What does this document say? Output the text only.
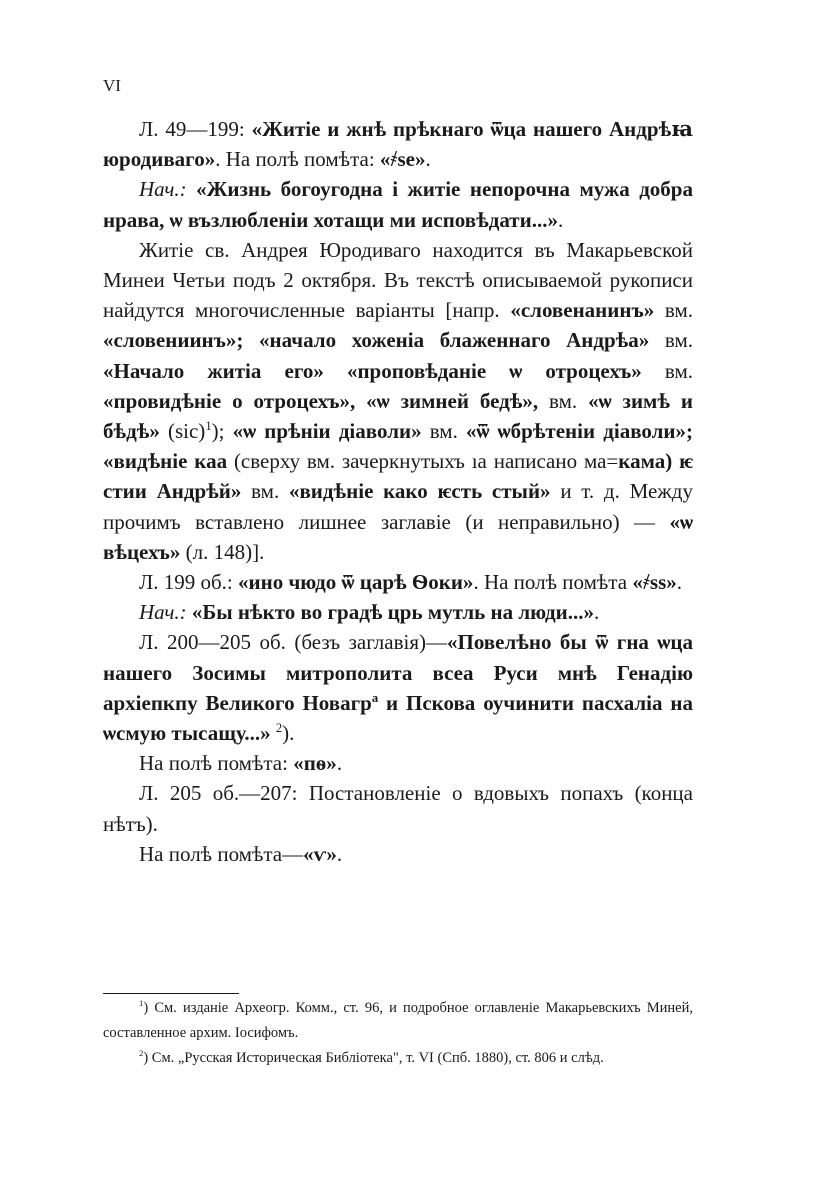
VI

Л. 49—199: «Житіе и жнѣ прѣкнаго ѿца нашего Андрѣꙗ юродиваго». На полѣ помѣта: «҂ѕе».

Нач.: «Жизнь богоугодна і житіе непорочна мужа добра нрава, ѡ възлюбленіи хотащи ми исповѣдати...».

Житіе св. Андрея Юродиваго находится въ Макарьевской Минеи Четьи подъ 2 октября. Въ текстѣ описываемой рукописи найдутся многочисленные варіанты [напр. «словенанинъ» вм. «словениинъ»; «начало хоженіа блаженнаго Андрѣа» вм. «Начало житіа его» «проповѣданіе ѡ отроцехъ» вм. «провидѣніе о отроцехъ», «ѡ зимней бедѣ», вм. «ѡ зимѣ и бѣдѣ» (sic)$^1$); «ѡ прѣніи діаволи» вм. «ѿ ѡбрѣтеніи діаволи»; «видѣніе каа (сверху вм. зачеркнутыхъ ıа написано ма=кама) ѥ стии Андрѣй» вм. «видѣніе како ѥсть стый» и т. д. Между прочимъ вставлено лишнее заглавіе (и неправильно) — «ѡ вѣцехъ» (л. 148)].

Л. 199 об.: «ино чюдо ѿ царѣ Ѳоки». На полѣ помѣта «҂ѕѕ».

Нач.: «Бы нѣкто во градѣ црь мутль на люди...».

Л. 200—205 об. (безъ заглавія)—«Повелѣно бы ѿ гна ѡца нашего Зосимы митрополита всеа Руси мнѣ Генадію архіепкпу Великого Новагр$^а$ и Пскова оучинити пасхаліа на ѡсмую тысащу...» $^2$).

На полѣ помѣта: «пѳ».

Л. 205 об.—207: Постановленіе о вдовыхъ попахъ (конца нѣтъ).

На полѣ помѣта—«ѵ».

$^1$) См. изданіе Археогр. Комм., ст. 96, и подробное оглавленіе Макарьевскихъ Миней, составленное архим. Іосифомъ.

$^2$) См. „Русская Историческая Библіотека", т. VI (Спб. 1880), ст. 806 и слѣд.
